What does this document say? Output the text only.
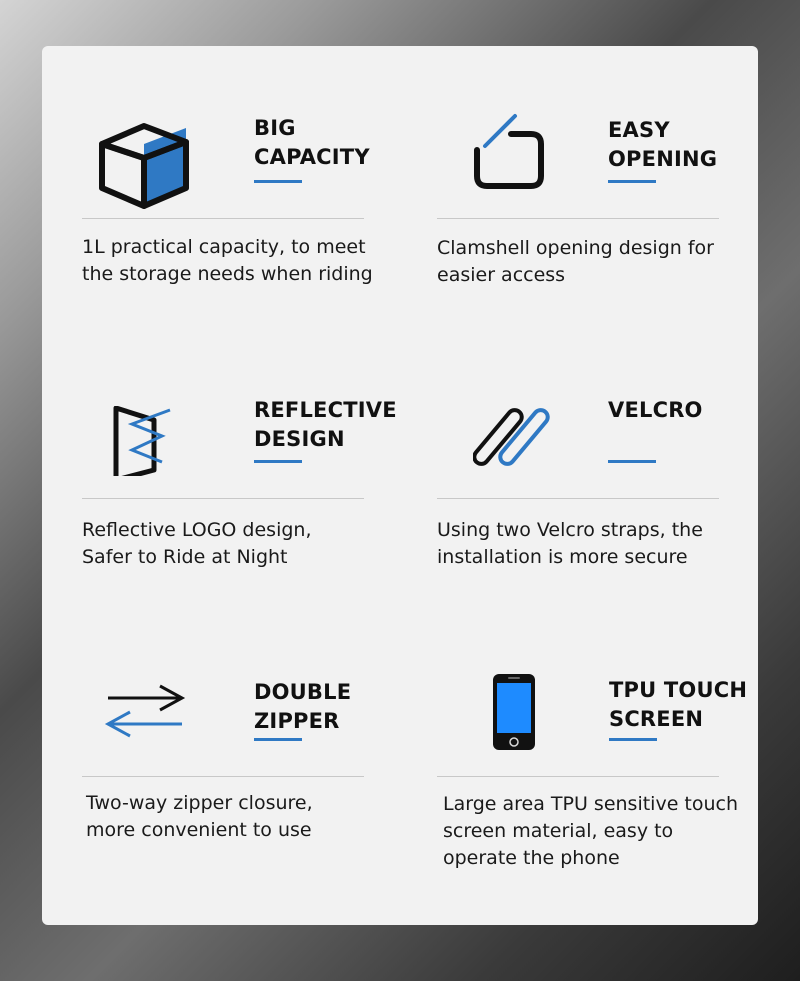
BIG
CAPACITY
1L practical capacity, to meet
the storage needs when riding
EASY
OPENING
Clamshell opening design for
easier access
REFLECTIVE
DESIGN
Reflective LOGO design,
Safer to Ride at Night
VELCRO
Using two Velcro straps, the
installation is more secure
DOUBLE ZIPPER
Two-way zipper closure,
more convenient to use
TPU TOUCH
SCREEN
Large area TPU sensitive touch
screen material, easy to
operate the phone
